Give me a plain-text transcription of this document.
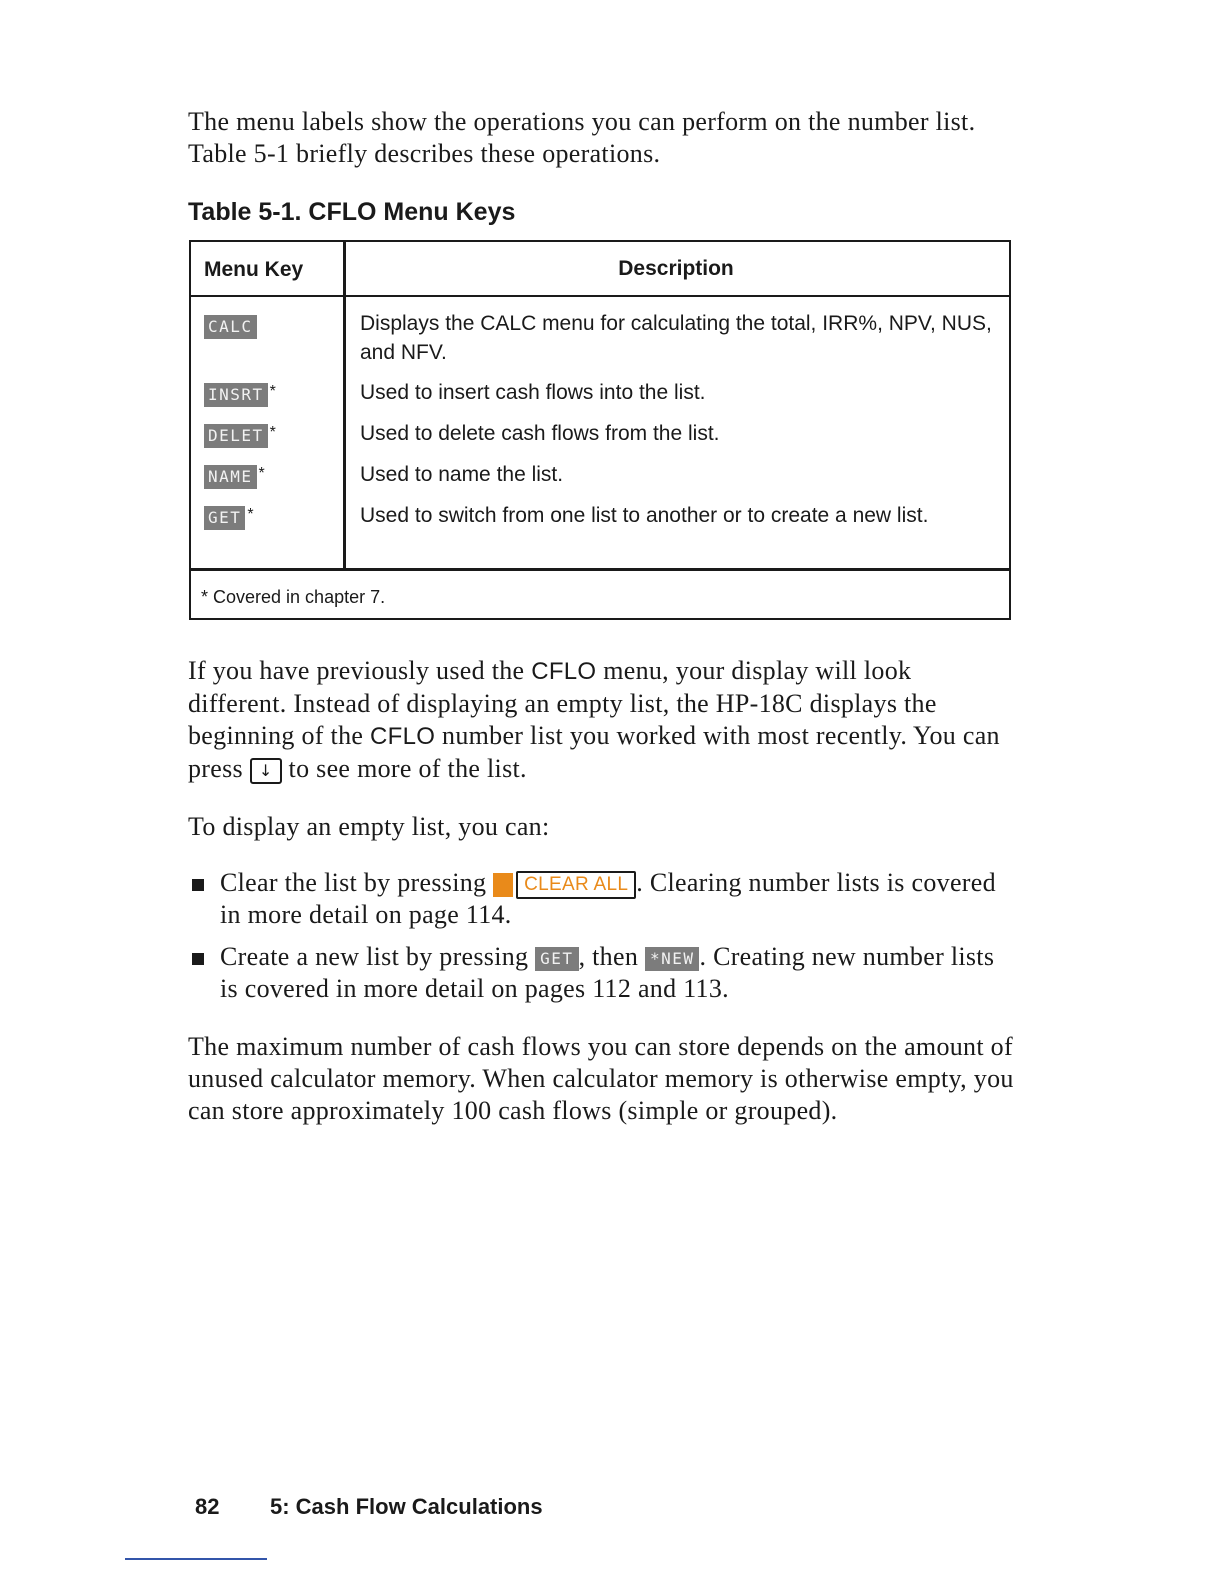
The menu labels show the operations you can perform on the number list. Table 5-1 briefly describes these operations.

Table 5-1. CFLO Menu Keys
Menu Key	Description
CALC	Displays the CALC menu for calculating the total, IRR%, NPV, NUS, and NFV.
INSRT *	Used to insert cash flows into the list.
DELET *	Used to delete cash flows from the list.
NAME *	Used to name the list.
GET *	Used to switch from one list to another or to create a new list.
* Covered in chapter 7.

If you have previously used the CFLO menu, your display will look different. Instead of displaying an empty list, the HP-18C displays the beginning of the CFLO number list you worked with most recently. You can press ↓ to see more of the list.

To display an empty list, you can:

Clear the list by pressing CLEAR ALL . Clearing number lists is covered in more detail on page 114.
Create a new list by pressing GET , then *NEW . Creating new number lists is covered in more detail on pages 112 and 113.

The maximum number of cash flows you can store depends on the amount of unused calculator memory. When calculator memory is otherwise empty, you can store approximately 100 cash flows (simple or grouped).

82 5: Cash Flow Calculations
